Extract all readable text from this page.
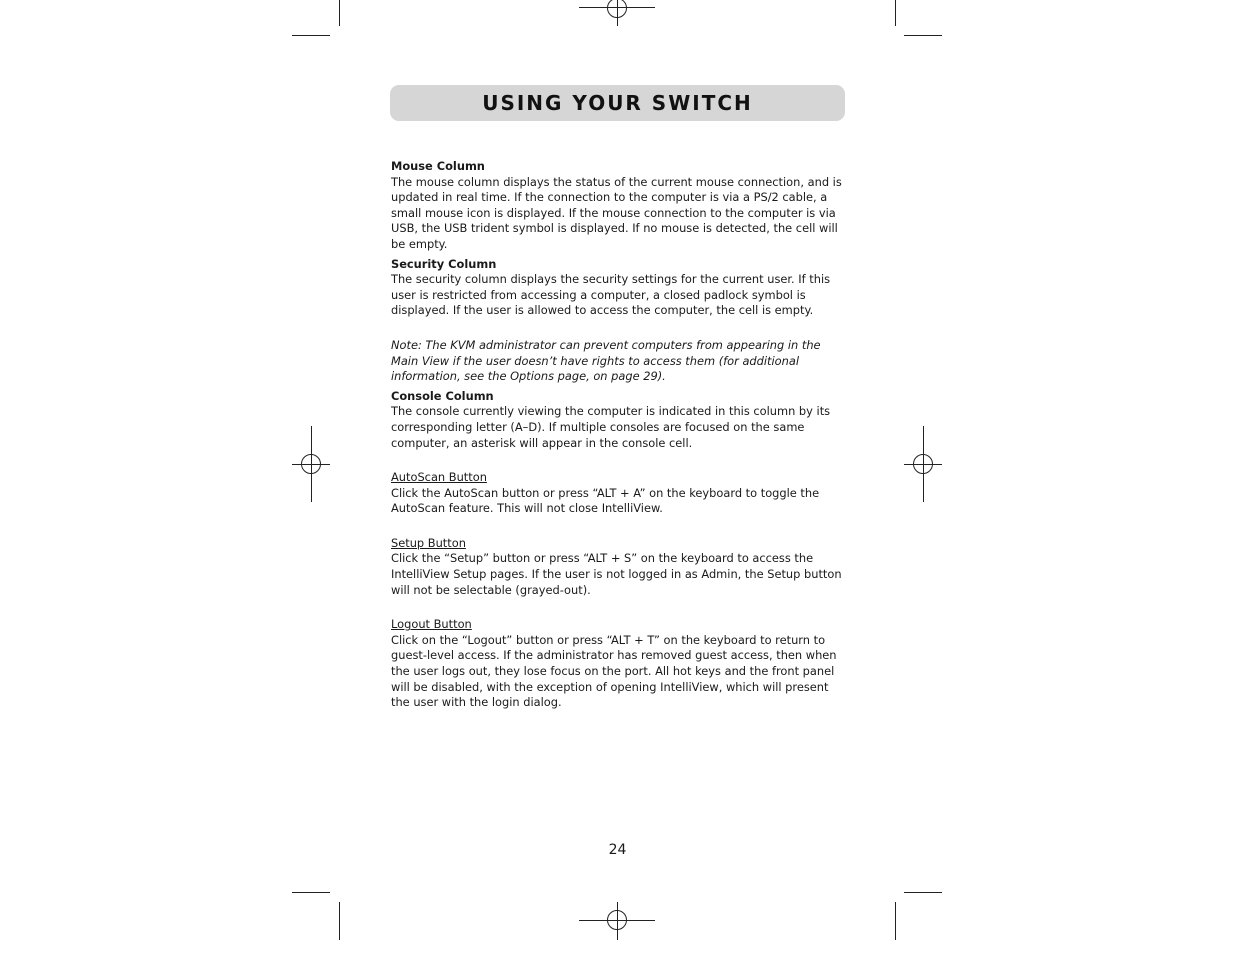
USING YOUR SWITCH

Mouse Column

The mouse column displays the status of the current mouse connection, and is updated in real time. If the connection to the computer is via a PS/2 cable, a small mouse icon is displayed. If the mouse connection to the computer is via USB, the USB trident symbol is displayed. If no mouse is detected, the cell will be empty.

Security Column

The security column displays the security settings for the current user. If this user is restricted from accessing a computer, a closed padlock symbol is displayed. If the user is allowed to access the computer, the cell is empty.

Note: The KVM administrator can prevent computers from appearing in the Main View if the user doesn’t have rights to access them (for additional information, see the Options page, on page 29).

Console Column

The console currently viewing the computer is indicated in this column by its corresponding letter (A–D). If multiple consoles are focused on the same computer, an asterisk will appear in the console cell.

AutoScan Button

Click the AutoScan button or press “ALT + A” on the keyboard to toggle the AutoScan feature. This will not close IntelliView.

Setup Button

Click the “Setup” button or press “ALT + S” on the keyboard to access the IntelliView Setup pages. If the user is not logged in as Admin, the Setup button will not be selectable (grayed-out).

Logout Button

Click on the “Logout” button or press “ALT + T” on the keyboard to return to guest-level access. If the administrator has removed guest access, then when the user logs out, they lose focus on the port. All hot keys and the front panel will be disabled, with the exception of opening IntelliView, which will present the user with the login dialog.

24
